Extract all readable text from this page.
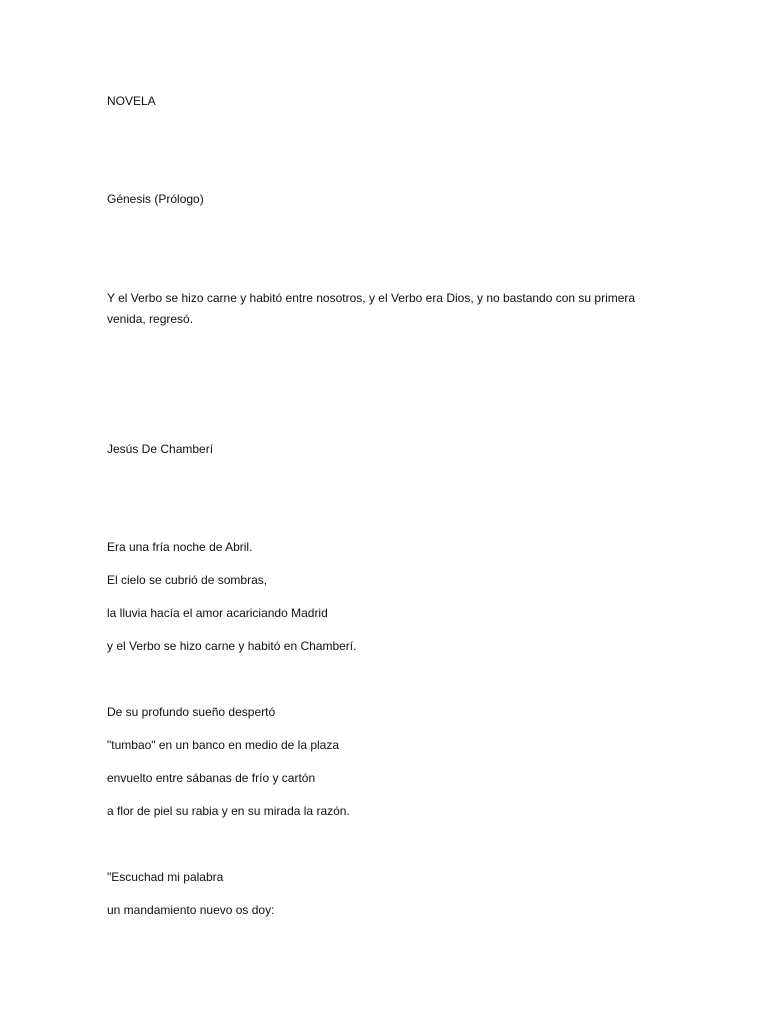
NOVELA
Génesis (Prólogo)
Y el Verbo se hizo carne y habitó entre nosotros, y el Verbo era Dios, y no bastando con su primera venida, regresó.
Jesús De Chamberí
Era una fría noche de Abril.
El cielo se cubrió de sombras,
la lluvia hacía el amor acariciando Madrid
y el Verbo se hizo carne y habitó en Chamberí.
De su profundo sueño despertó
"tumbao" en un banco en medio de la plaza
envuelto entre sábanas de frío y cartón
a flor de piel su rabia y en su mirada la razón.
"Escuchad mi palabra
un mandamiento nuevo os doy:
